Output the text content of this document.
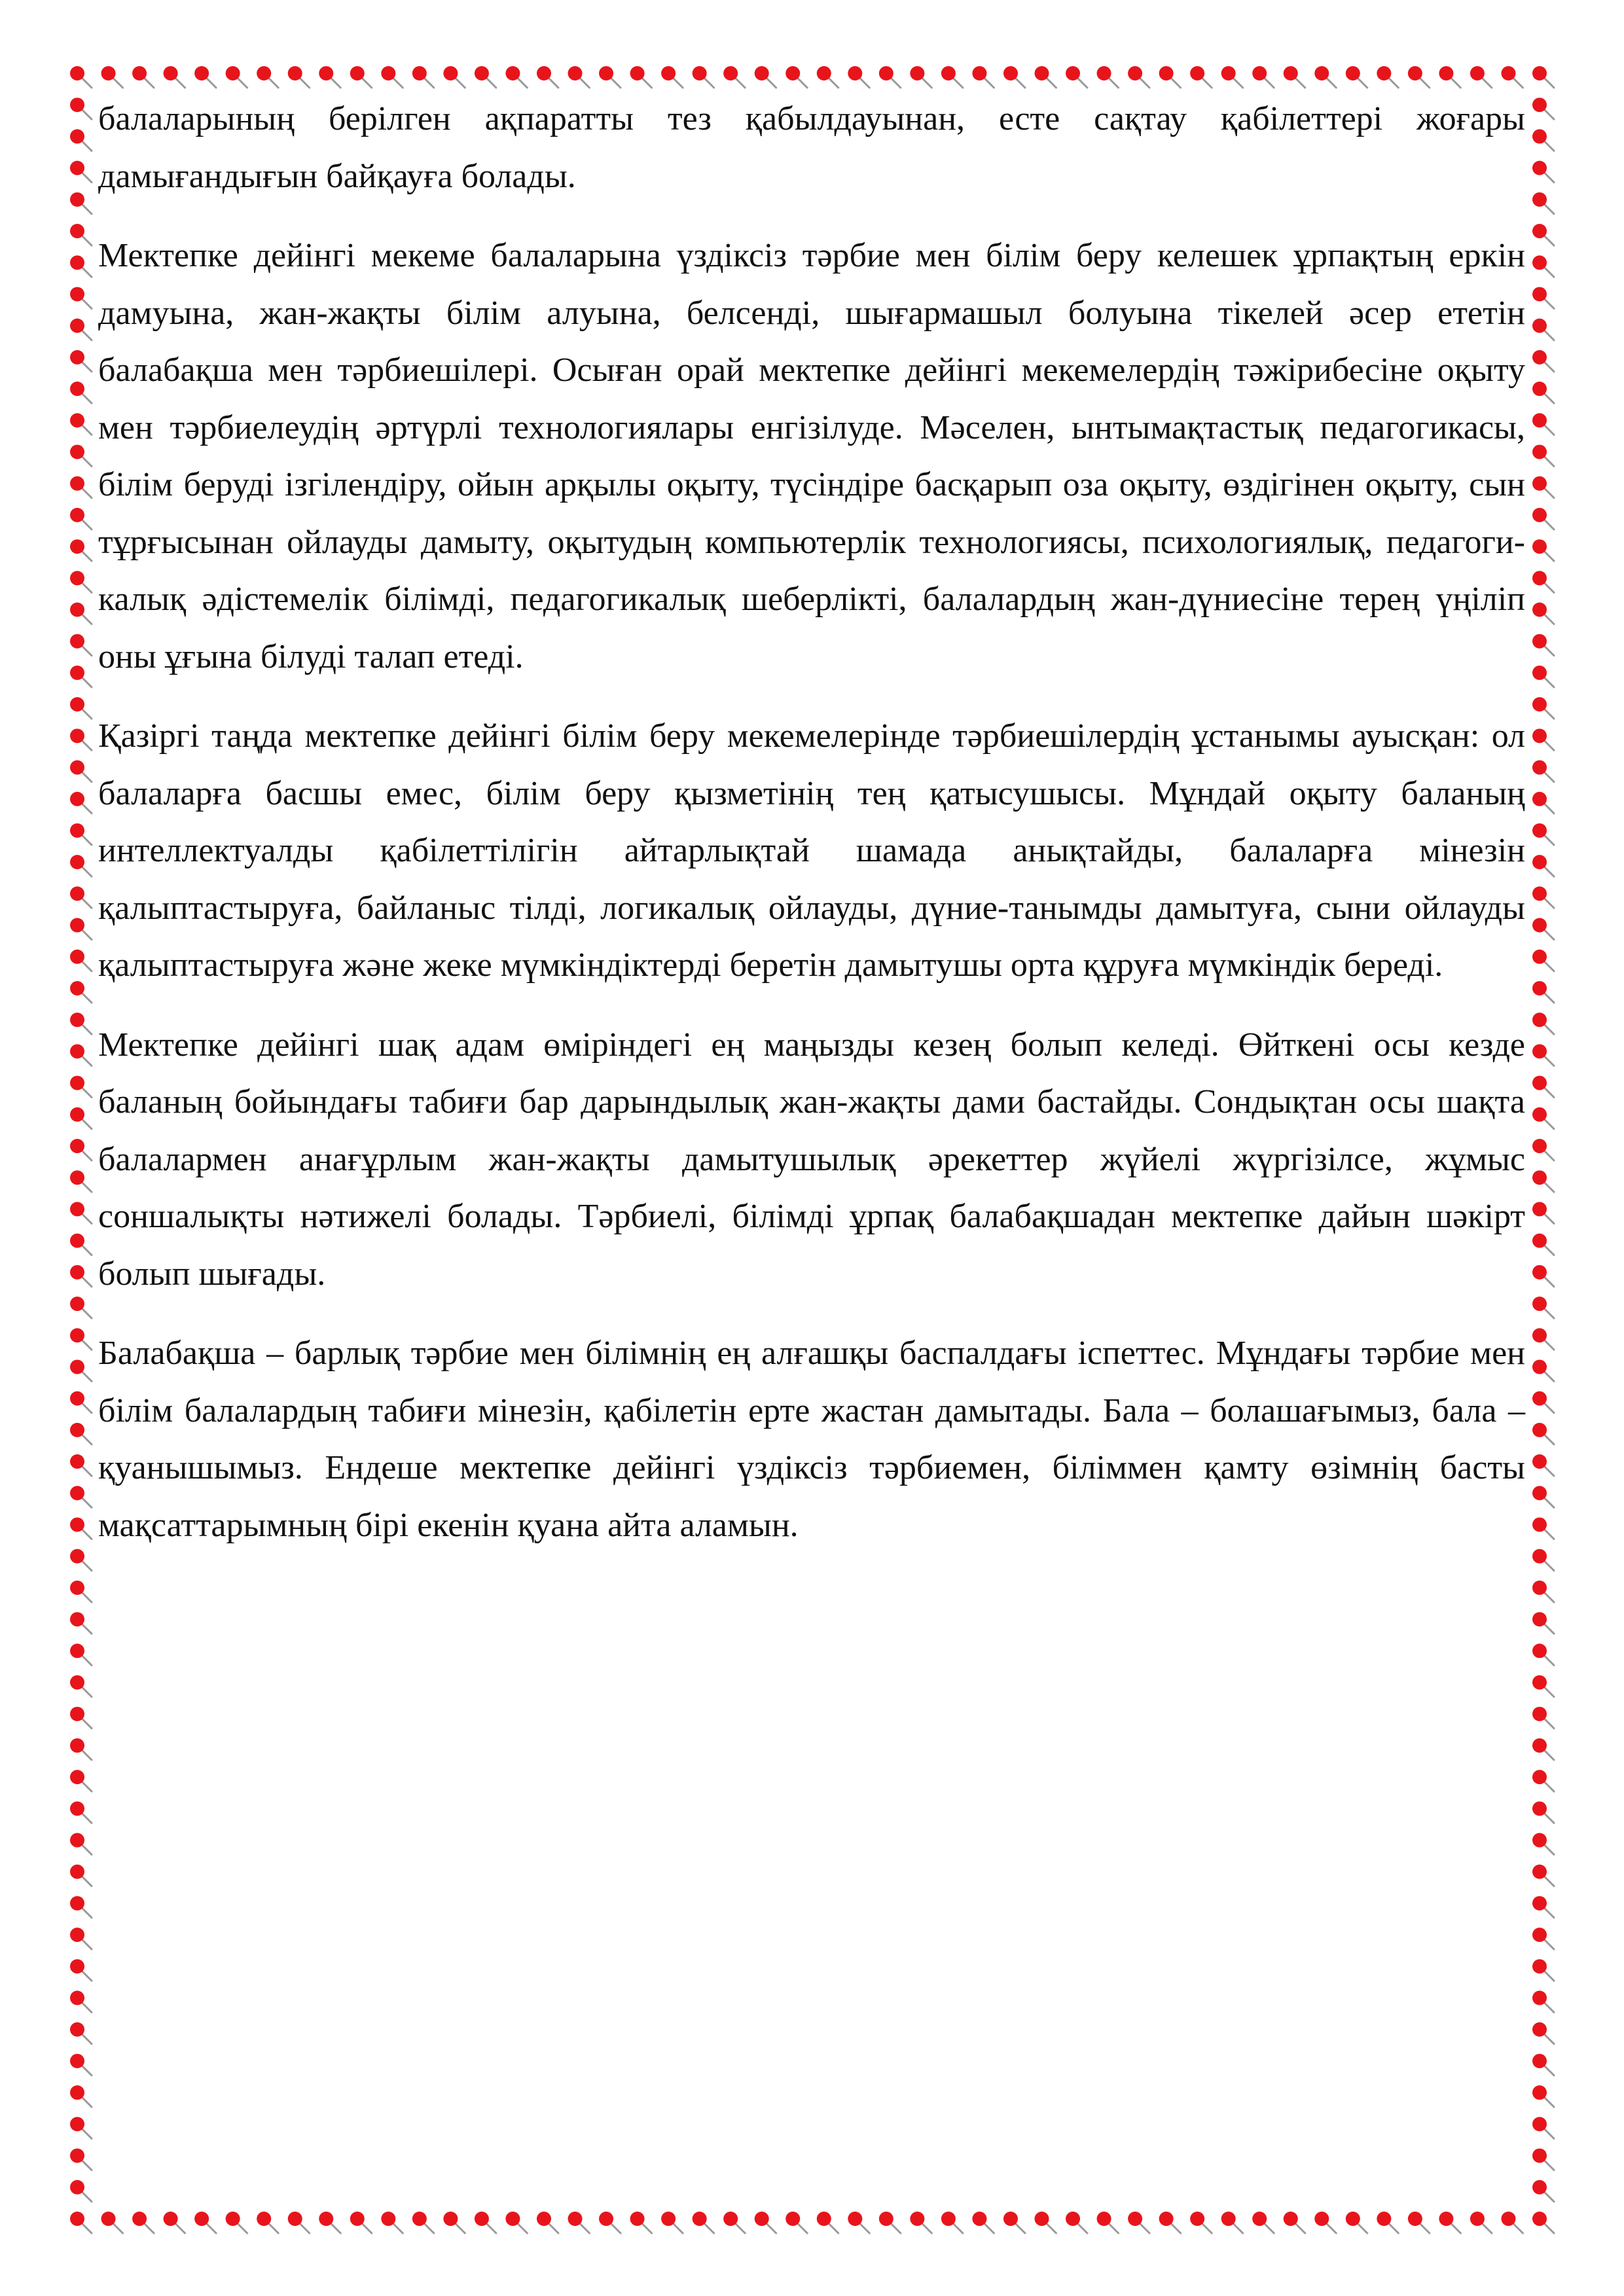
балаларының берілген ақпаратты тез қабылдауынан, есте сақтау қабілеттері жоғары дамығандығын байқауға болады.

Мектепке дейінгі мекеме балаларына үздіксіз тәрбие мен білім беру келешек ұрпақтың еркін дамуына, жан-жақты білім алуына, белсенді, шығармашыл болуына тікелей әсер ететін балабақша мен тәрбиешілері. Осыған орай мектепке дейінгі мекемелердің тәжірибесіне оқыту мен тәрбиелеудің әртүрлі технологиялары енгізілуде. Мәселен, ынтымақтастық педагогикасы, білім беруді ізгілендіру, ойын арқылы оқыту, түсіндіре басқарып оза оқыту, өздігінен оқыту, сын тұрғысынан ойлауды дамыту, оқытудың компьютерлік технологиясы, психологиялық, педагоги-калық әдістемелік білімді, педагогикалық шеберлікті, балалардың жан-дүниесіне терең үңіліп оны ұғына білуді талап етеді.

Қазіргі таңда мектепке дейінгі білім беру мекемелерінде тәрбиешілердің ұстанымы ауысқан: ол балаларға басшы емес, білім беру қызметінің тең қатысушысы. Мұндай оқыту баланың интеллектуалды қабілеттілігін айтарлықтай шамада анықтайды, балаларға мінезін қалыптастыруға, байланыс тілді, логикалық ойлауды, дүние-танымды дамытуға, сыни ойлауды қалыптастыруға және жеке мүмкіндіктерді беретін дамытушы орта құруға мүмкіндік береді.

Мектепке дейінгі шақ адам өміріндегі ең маңызды кезең болып келеді. Өйткені осы кезде баланың бойындағы табиғи бар дарындылық жан-жақты дами бастайды. Сондықтан осы шақта балалармен анағұрлым жан-жақты дамытушылық әрекеттер жүйелі жүргізілсе, жұмыс соншалықты нәтижелі болады. Тәрбиелі, білімді ұрпақ балабақшадан мектепке дайын шәкірт болып шығады.

Балабақша – барлық тәрбие мен білімнің ең алғашқы баспалдағы іспеттес. Мұндағы тәрбие мен білім балалардың табиғи мінезін, қабілетін ерте жастан дамытады. Бала – болашағымыз, бала – қуанышымыз. Ендеше мектепке дейінгі үздіксіз тәрбиемен, біліммен қамту өзімнің басты мақсаттарымның бірі екенін қуана айта аламын.
